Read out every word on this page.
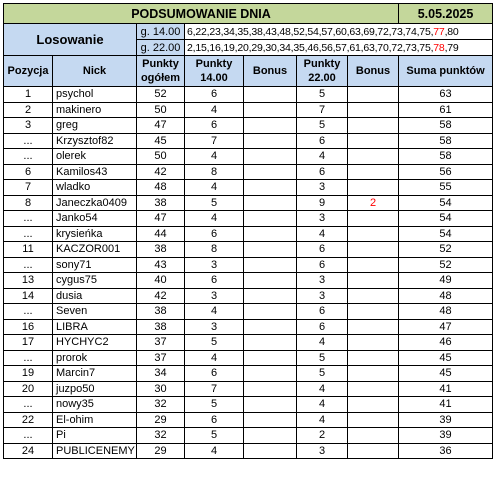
PODSUMOWANIE DNIA							5.05.2025
Losowanie		g. 14.00	6,22,23,34,35,38,43,48,52,54,57,60,63,69,72,73,74,75,77,80				
		g. 22.00	2,15,16,19,20,29,30,34,35,46,56,57,61,63,70,72,73,75,78,79				
Pozycja	Nick	Punkty ogółem	Punkty 14.00	Bonus	Punkty 22.00	Bonus	Suma punktów
1	psychol	52	6		5		63
2	makinero	50	4		7		61
3	greg	47	6		5		58
...	Krzysztof82	45	7		6		58
...	olerek	50	4		4		58
6	Kamilos43	42	8		6		56
7	wladko	48	4		3		55
8	Janeczka0409	38	5		9	2	54
...	Janko54	47	4		3		54
...	krysieńka	44	6		4		54
11	KACZOR001	38	8		6		52
...	sony71	43	3		6		52
13	cygus75	40	6		3		49
14	dusia	42	3		3		48
...	Seven	38	4		6		48
16	LIBRA	38	3		6		47
17	HYCHYC2	37	5		4		46
...	prorok	37	4		5		45
19	Marcin7	34	6		5		45
20	juzpo50	30	7		4		41
...	nowy35	32	5		4		41
22	El-ohim	29	6		4		39
...	Pi	32	5		2		39
24	PUBLICENEMY	29	4		3		36
